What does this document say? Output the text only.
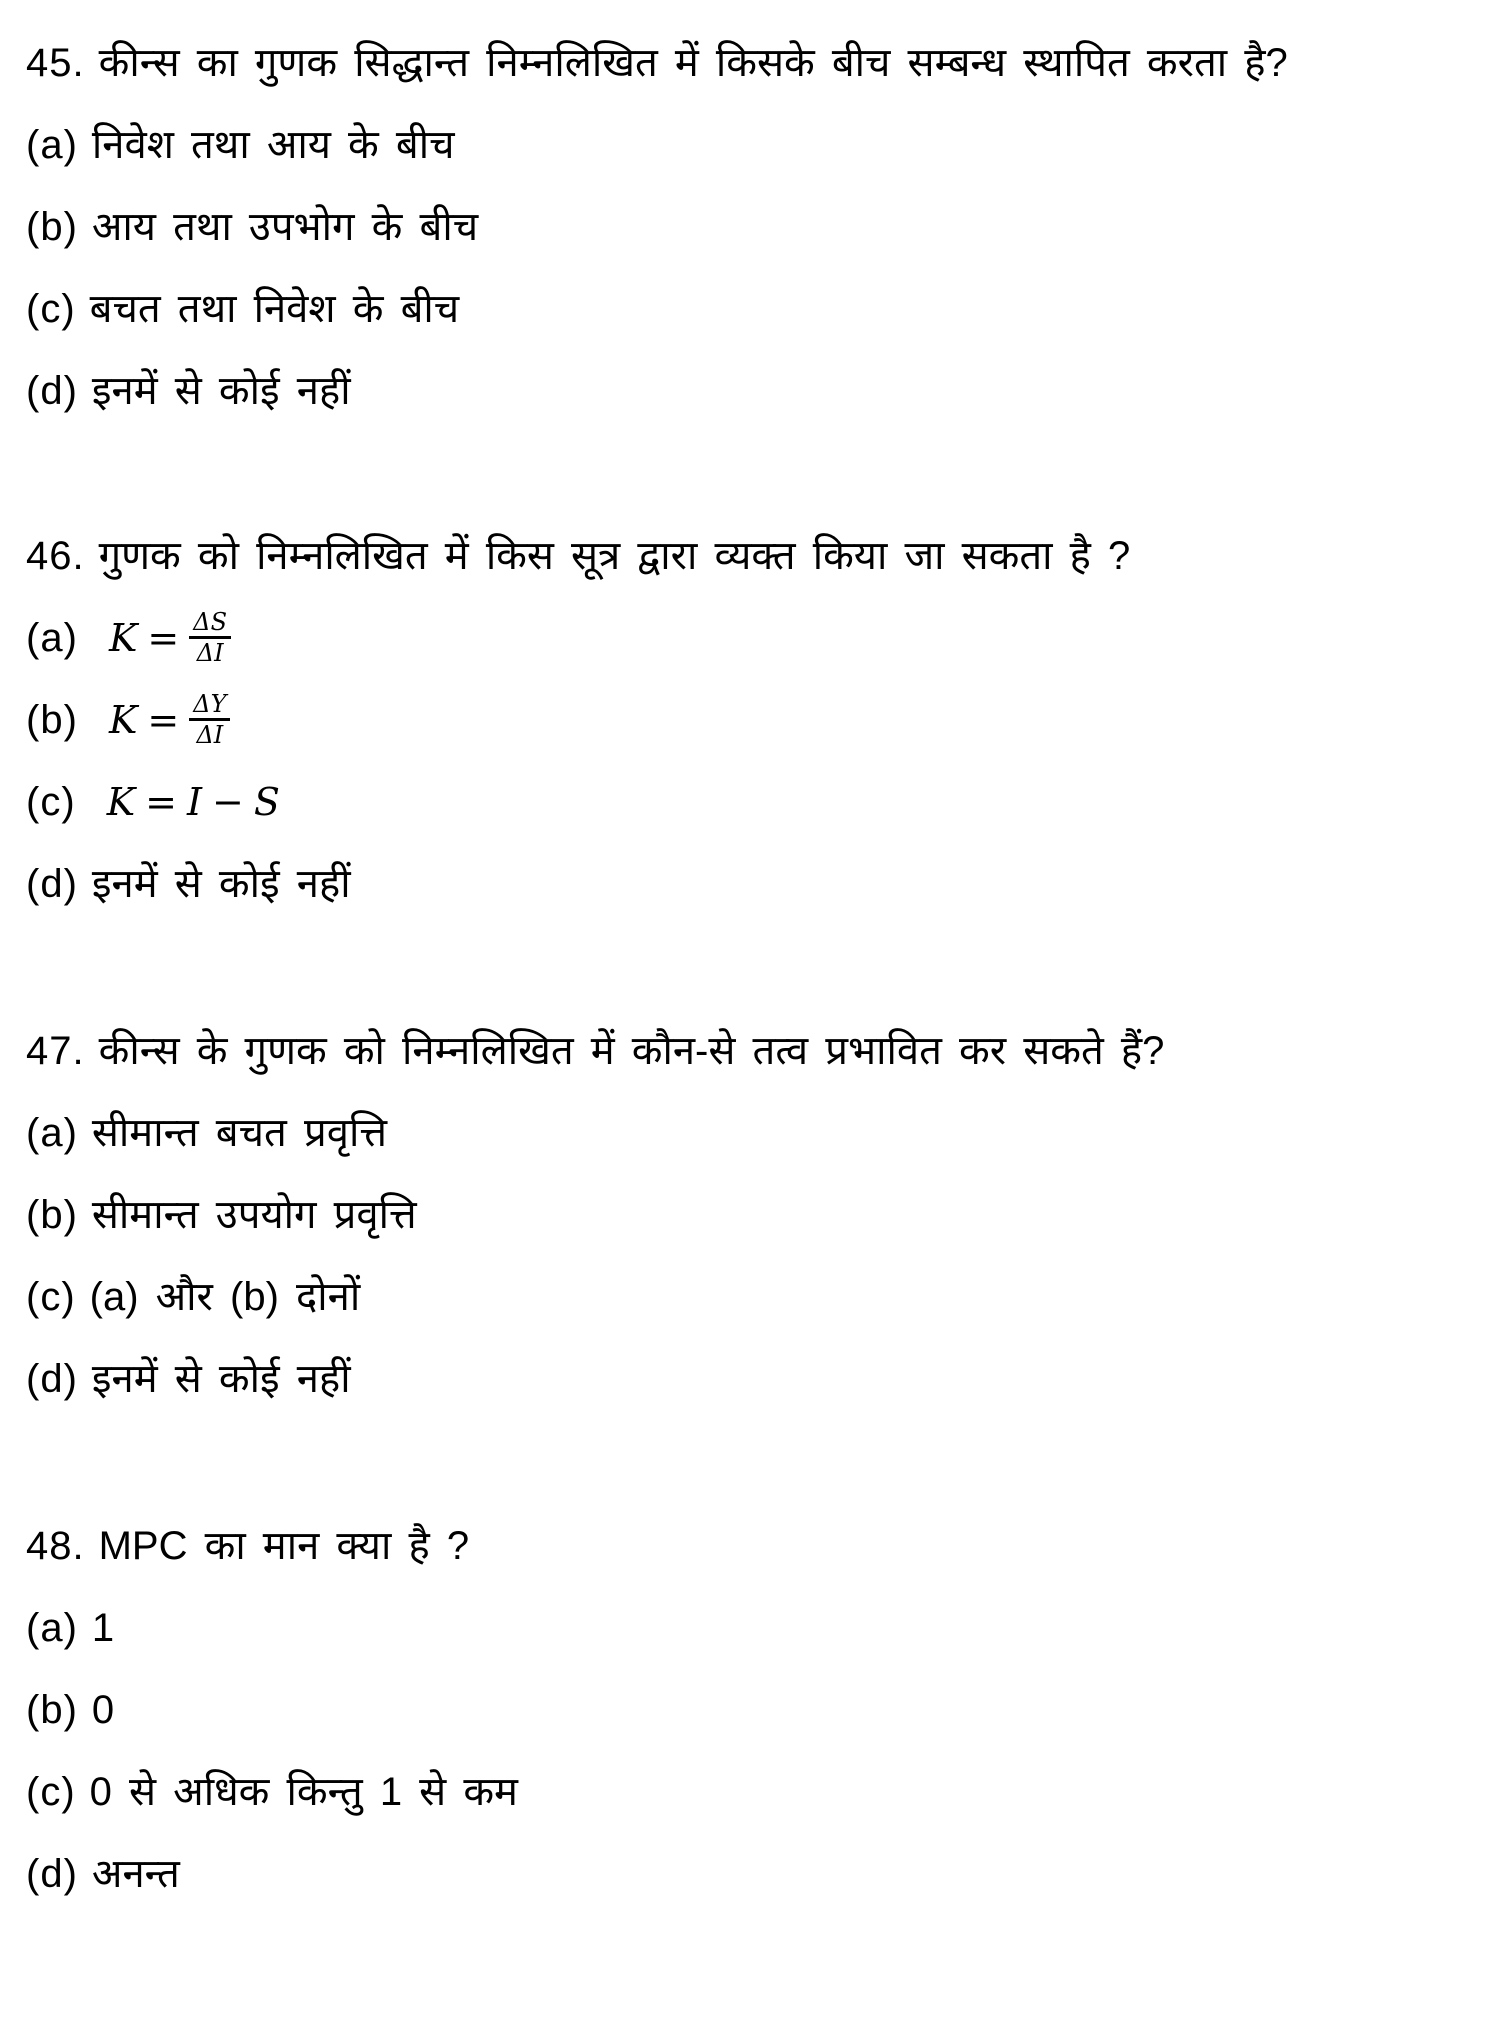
45. कीन्स का गुणक सिद्धान्त निम्नलिखित में किसके बीच सम्बन्ध स्थापित करता है?
(a) निवेश तथा आय के बीच
(b) आय तथा उपभोग के बीच
(c) बचत तथा निवेश के बीच
(d) इनमें से कोई नहीं
46. गुणक को निम्नलिखित में किस सूत्र द्वारा व्यक्त किया जा सकता है ?
(a) $K = \frac{\Delta S}{\Delta I}$
(b) $K = \frac{\Delta Y}{\Delta I}$
(c) K = I − S
(d) इनमें से कोई नहीं
47. कीन्स के गुणक को निम्नलिखित में कौन-से तत्व प्रभावित कर सकते हैं?
(a) सीमान्त बचत प्रवृत्ति
(b) सीमान्त उपयोग प्रवृत्ति
(c) (a) और (b) दोनों
(d) इनमें से कोई नहीं
48. MPC का मान क्या है ?
(a) 1
(b) 0
(c) 0 से अधिक किन्तु 1 से कम
(d) अनन्त
